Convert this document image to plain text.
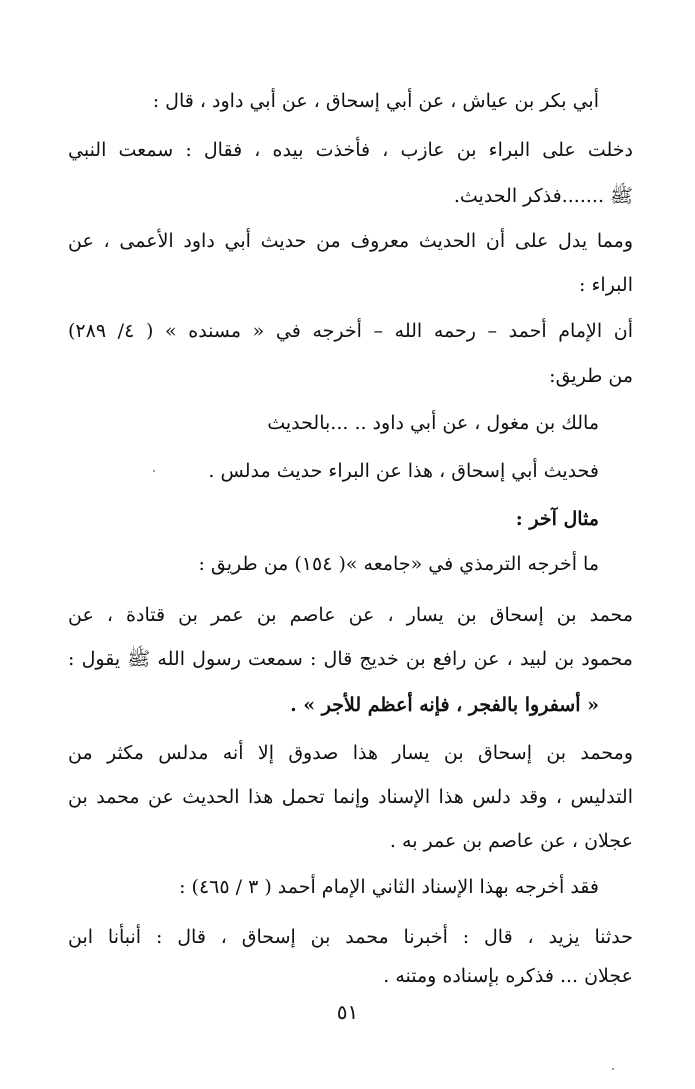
أبي بكر بن عياش ، عن أبي إسحاق ، عن أبي داود ، قال :
دخلت على البراء بن عازب ، فأخذت بيده ، فقال : سمعت النبي
ﷺ .......فذكر الحديث.
ومما يدل على أن الحديث معروف من حديث أبي داود الأعمى ، عن
البراء :
أن الإمام أحمد – رحمه الله – أخرجه في « مسنده » ( ٤/ ٢٨٩)
من طريق:
مالك بن مغول ، عن أبي داود .. ...بالحديث
فحديث أبي إسحاق ، هذا عن البراء حديث مدلس .
مثال آخر :
ما أخرجه الترمذي في «جامعه »( ١٥٤) من طريق :
محمد بن إسحاق بن يسار ، عن عاصم بن عمر بن قتادة ، عن
محمود بن لبيد ، عن رافع بن خديج قال : سمعت رسول الله ﷺ يقول :
« أسفروا بالفجر ، فإنه أعظم للأجر » .
ومحمد بن إسحاق بن يسار هذا صدوق إلا أنه مدلس مكثر من
التدليس ، وقد دلس هذا الإسناد وإنما تحمل هذا الحديث عن محمد بن
عجلان ، عن عاصم بن عمر به .
فقد أخرجه بهذا الإسناد الثاني الإمام أحمد ( ٣ / ٤٦٥) :
حدثنا يزيد ، قال : أخبرنا محمد بن إسحاق ، قال : أنبأنا ابن
عجلان ... فذكره بإسناده ومتنه .
٥١
